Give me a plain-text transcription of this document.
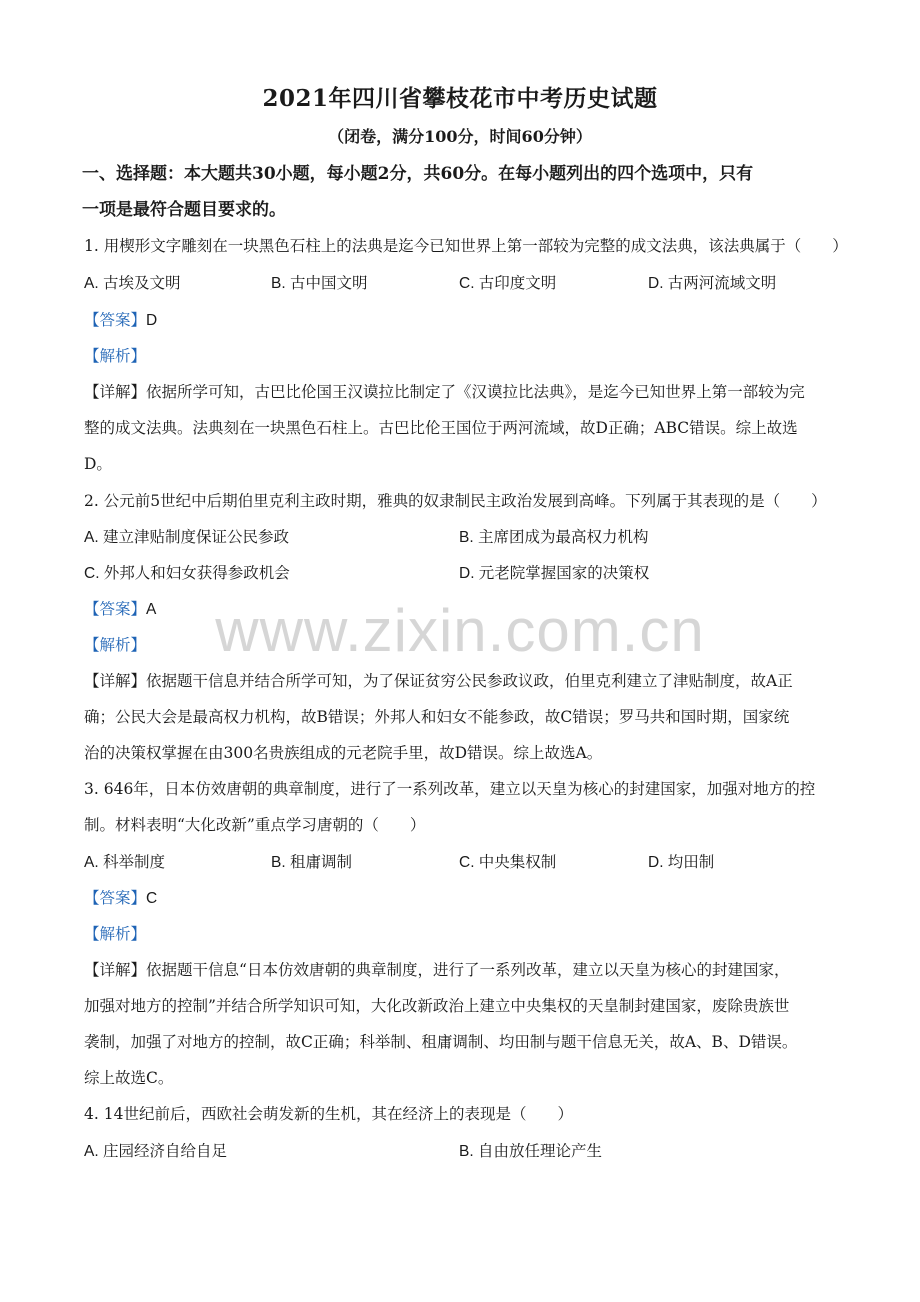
2021年四川省攀枝花市中考历史试题
（闭卷，满分100分，时间60分钟）
一、选择题：本大题共30小题，每小题2分，共60分。在每小题列出的四个选项中，只有
一项是最符合题目要求的。
1. 用楔形文字雕刻在一块黑色石柱上的法典是迄今已知世界上第一部较为完整的成文法典，该法典属于（　　）
A. 古埃及文明	B. 古中国文明	C. 古印度文明	D. 古两河流域文明
【答案】D
【解析】
【详解】依据所学可知，古巴比伦国王汉谟拉比制定了《汉谟拉比法典》，是迄今已知世界上第一部较为完
整的成文法典。法典刻在一块黑色石柱上。古巴比伦王国位于两河流域，故D正确；ABC错误。综上故选
D。
2. 公元前5世纪中后期伯里克利主政时期，雅典的奴隶制民主政治发展到高峰。下列属于其表现的是（　　）
A. 建立津贴制度保证公民参政	B. 主席团成为最高权力机构
C. 外邦人和妇女获得参政机会	D. 元老院掌握国家的决策权
【答案】A
【解析】
【详解】依据题干信息并结合所学可知，为了保证贫穷公民参政议政，伯里克利建立了津贴制度，故A正
确；公民大会是最高权力机构，故B错误；外邦人和妇女不能参政，故C错误；罗马共和国时期，国家统
治的决策权掌握在由300名贵族组成的元老院手里，故D错误。综上故选A。
3. 646年，日本仿效唐朝的典章制度，进行了一系列改革，建立以天皇为核心的封建国家，加强对地方的控
制。材料表明“大化改新”重点学习唐朝的（　　）
A. 科举制度	B. 租庸调制	C. 中央集权制	D. 均田制
【答案】C
【解析】
【详解】依据题干信息“日本仿效唐朝的典章制度，进行了一系列改革，建立以天皇为核心的封建国家，
加强对地方的控制”并结合所学知识可知，大化改新政治上建立中央集权的天皇制封建国家，废除贵族世
袭制，加强了对地方的控制，故C正确；科举制、租庸调制、均田制与题干信息无关，故A、B、D错误。
综上故选C。
4. 14世纪前后，西欧社会萌发新的生机，其在经济上的表现是（　　）
A. 庄园经济自给自足	B. 自由放任理论产生
www.zixin.com.cn
